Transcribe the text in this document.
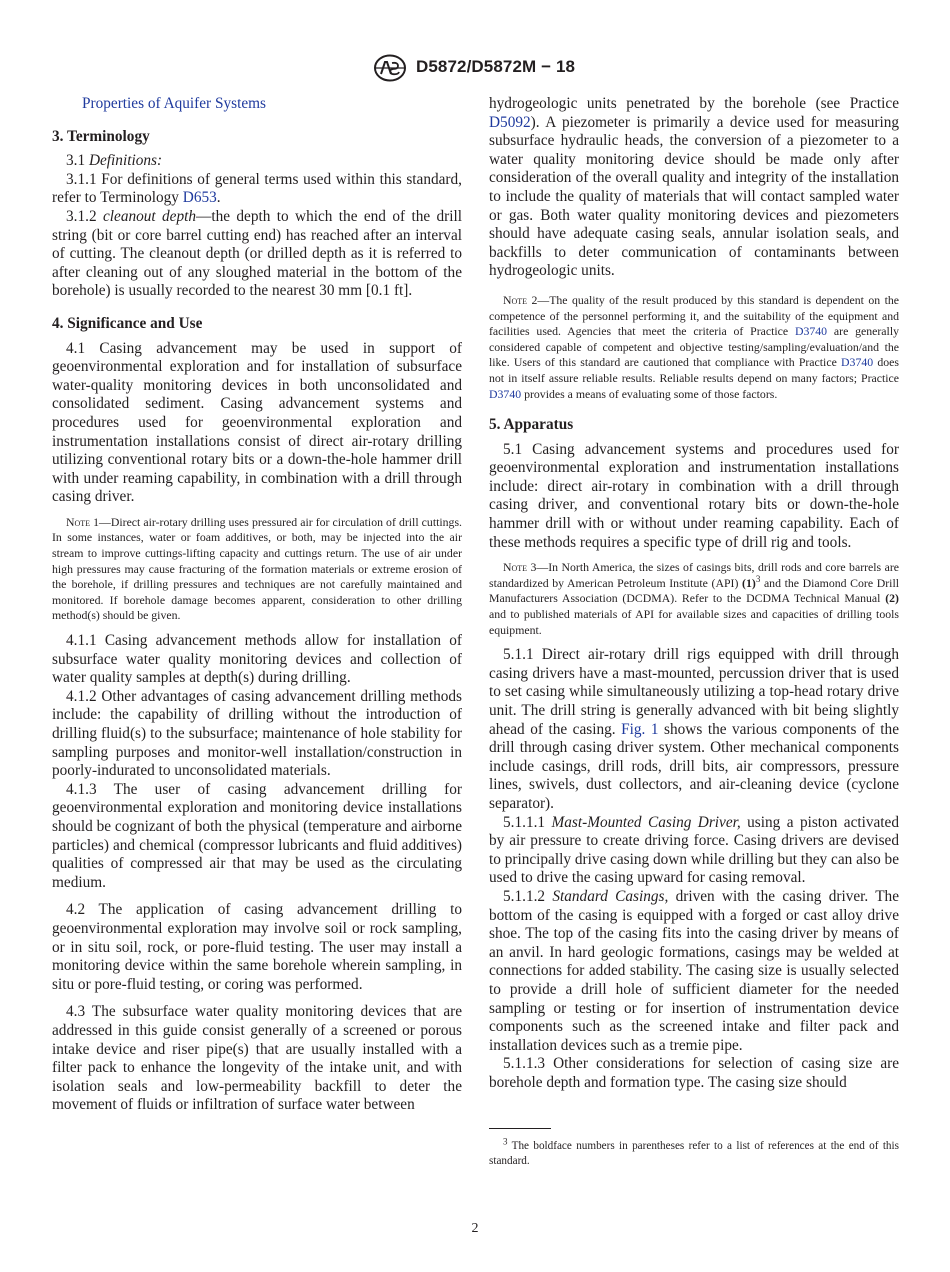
D5872/D5872M − 18

Properties of Aquifer Systems

3. Terminology

3.1 Definitions:

3.1.1 For definitions of general terms used within this standard, refer to Terminology D653.

3.1.2 cleanout depth—the depth to which the end of the drill string (bit or core barrel cutting end) has reached after an interval of cutting. The cleanout depth (or drilled depth as it is referred to after cleaning out of any sloughed material in the bottom of the borehole) is usually recorded to the nearest 30 mm [0.1 ft].

4. Significance and Use

4.1 Casing advancement may be used in support of geoenvironmental exploration and for installation of subsurface water-quality monitoring devices in both unconsolidated and consolidated sediment. Casing advancement systems and procedures used for geoenvironmental exploration and instrumentation installations consist of direct air-rotary drilling utilizing conventional rotary bits or a down-the-hole hammer drill with under reaming capability, in combination with a drill through casing driver.

Note 1—Direct air-rotary drilling uses pressured air for circulation of drill cuttings. In some instances, water or foam additives, or both, may be injected into the air stream to improve cuttings-lifting capacity and cuttings return. The use of air under high pressures may cause fracturing of the formation materials or extreme erosion of the borehole, if drilling pressures and techniques are not carefully maintained and monitored. If borehole damage becomes apparent, consideration to other drilling method(s) should be given.

4.1.1 Casing advancement methods allow for installation of subsurface water quality monitoring devices and collection of water quality samples at depth(s) during drilling.

4.1.2 Other advantages of casing advancement drilling methods include: the capability of drilling without the introduction of drilling fluid(s) to the subsurface; maintenance of hole stability for sampling purposes and monitor-well installation/construction in poorly-indurated to unconsolidated materials.

4.1.3 The user of casing advancement drilling for geoenvironmental exploration and monitoring device installations should be cognizant of both the physical (temperature and airborne particles) and chemical (compressor lubricants and fluid additives) qualities of compressed air that may be used as the circulating medium.

4.2 The application of casing advancement drilling to geoenvironmental exploration may involve soil or rock sampling, or in situ soil, rock, or pore-fluid testing. The user may install a monitoring device within the same borehole wherein sampling, in situ or pore-fluid testing, or coring was performed.

4.3 The subsurface water quality monitoring devices that are addressed in this guide consist generally of a screened or porous intake device and riser pipe(s) that are usually installed with a filter pack to enhance the longevity of the intake unit, and with isolation seals and low-permeability backfill to deter the movement of fluids or infiltration of surface water between

hydrogeologic units penetrated by the borehole (see Practice D5092). A piezometer is primarily a device used for measuring subsurface hydraulic heads, the conversion of a piezometer to a water quality monitoring device should be made only after consideration of the overall quality and integrity of the installation to include the quality of materials that will contact sampled water or gas. Both water quality monitoring devices and piezometers should have adequate casing seals, annular isolation seals, and backfills to deter communication of contaminants between hydrogeologic units.

Note 2—The quality of the result produced by this standard is dependent on the competence of the personnel performing it, and the suitability of the equipment and facilities used. Agencies that meet the criteria of Practice D3740 are generally considered capable of competent and objective testing/sampling/evaluation/and the like. Users of this standard are cautioned that compliance with Practice D3740 does not in itself assure reliable results. Reliable results depend on many factors; Practice D3740 provides a means of evaluating some of those factors.

5. Apparatus

5.1 Casing advancement systems and procedures used for geoenvironmental exploration and instrumentation installations include: direct air-rotary in combination with a drill through casing driver, and conventional rotary bits or down-the-hole hammer drill with or without under reaming capability. Each of these methods requires a specific type of drill rig and tools.

Note 3—In North America, the sizes of casings bits, drill rods and core barrels are standardized by American Petroleum Institute (API) $(1)^3$ and the Diamond Core Drill Manufacturers Association (DCDMA). Refer to the DCDMA Technical Manual (2) and to published materials of API for available sizes and capacities of drilling tools equipment.

5.1.1 Direct air-rotary drill rigs equipped with drill through casing drivers have a mast-mounted, percussion driver that is used to set casing while simultaneously utilizing a top-head rotary drive unit. The drill string is generally advanced with bit being slightly ahead of the casing. Fig. 1 shows the various components of the drill through casing driver system. Other mechanical components include casings, drill rods, drill bits, air compressors, pressure lines, swivels, dust collectors, and air-cleaning device (cyclone separator).

5.1.1.1 Mast-Mounted Casing Driver, using a piston activated by air pressure to create driving force. Casing drivers are devised to principally drive casing down while drilling but they can also be used to drive the casing upward for casing removal.

5.1.1.2 Standard Casings, driven with the casing driver. The bottom of the casing is equipped with a forged or cast alloy drive shoe. The top of the casing fits into the casing driver by means of an anvil. In hard geologic formations, casings may be welded at connections for added stability. The casing size is usually selected to provide a drill hole of sufficient diameter for the needed sampling or testing or for insertion of instrumentation device components such as the screened intake and filter pack and installation devices such as a tremie pipe.

5.1.1.3 Other considerations for selection of casing size are borehole depth and formation type. The casing size should

$^3$ The boldface numbers in parentheses refer to a list of references at the end of this standard.

2
